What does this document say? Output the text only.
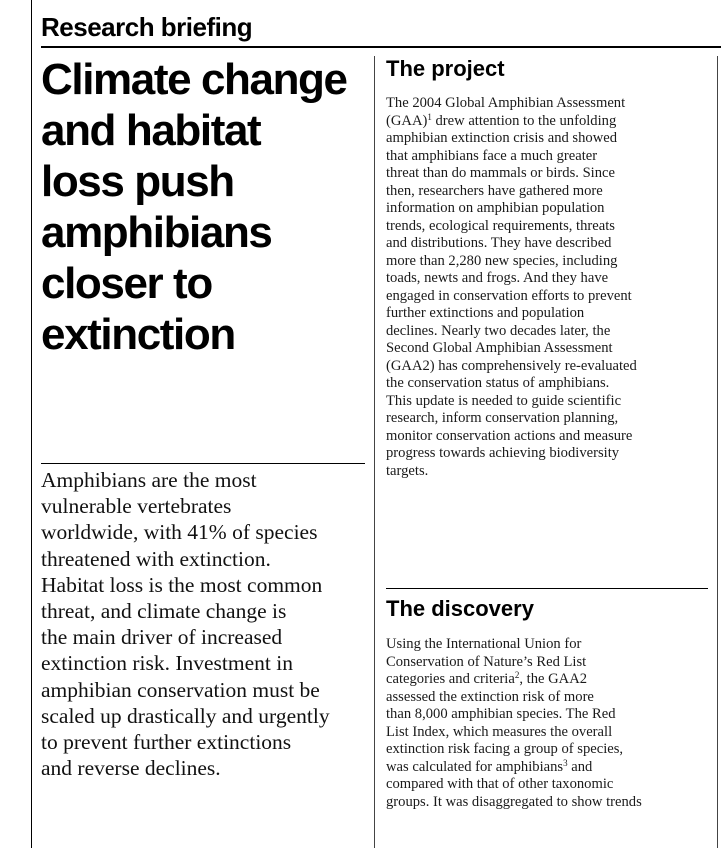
Research briefing
Climate change
and habitat
loss push
amphibians
closer to
extinction

Amphibians are the most
vulnerable vertebrates
worldwide, with 41% of species
threatened with extinction.
Habitat loss is the most common
threat, and climate change is
the main driver of increased
extinction risk. Investment in
amphibian conservation must be
scaled up drastically and urgently
to prevent further extinctions
and reverse declines.

The project

The 2004 Global Amphibian Assessment
(GAA)$^1$ drew attention to the unfolding
amphibian extinction crisis and showed
that amphibians face a much greater
threat than do mammals or birds. Since
then, researchers have gathered more
information on amphibian population
trends, ecological requirements, threats
and distributions. They have described
more than 2,280 new species, including
toads, newts and frogs. And they have
engaged in conservation efforts to prevent
further extinctions and population
declines. Nearly two decades later, the
Second Global Amphibian Assessment
(GAA2) has comprehensively re-evaluated
the conservation status of amphibians.
This update is needed to guide scientific
research, inform conservation planning,
monitor conservation actions and measure
progress towards achieving biodiversity
targets.

The discovery

Using the International Union for
Conservation of Nature’s Red List
categories and criteria$^2$, the GAA2
assessed the extinction risk of more
than 8,000 amphibian species. The Red
List Index, which measures the overall
extinction risk facing a group of species,
was calculated for amphibians$^3$ and
compared with that of other taxonomic
groups. It was disaggregated to show trends
